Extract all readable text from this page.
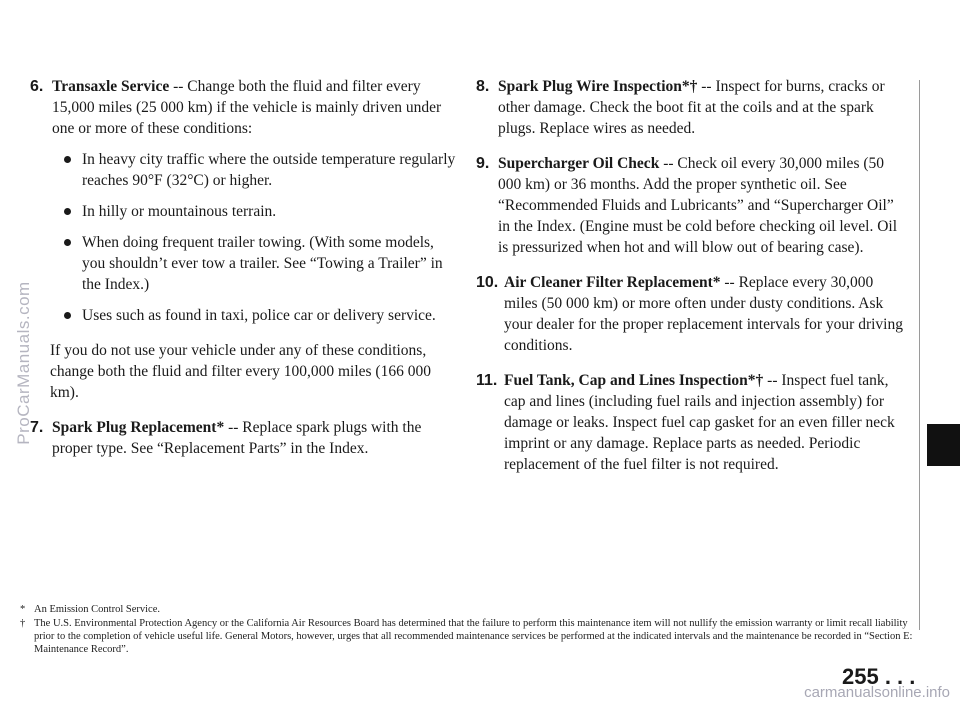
6. Transaxle Service -- Change both the fluid and filter every 15,000 miles (25 000 km) if the vehicle is mainly driven under one or more of these conditions:
In heavy city traffic where the outside temperature regularly reaches 90°F (32°C) or higher.
In hilly or mountainous terrain.
When doing frequent trailer towing. (With some models, you shouldn’t ever tow a trailer. See “Towing a Trailer” in the Index.)
Uses such as found in taxi, police car or delivery service.

If you do not use your vehicle under any of these conditions, change both the fluid and filter every 100,000 miles (166 000 km).

7. Spark Plug Replacement* -- Replace spark plugs with the proper type. See “Replacement Parts” in the Index.
8. Spark Plug Wire Inspection*† -- Inspect for burns, cracks or other damage. Check the boot fit at the coils and at the spark plugs. Replace wires as needed.
9. Supercharger Oil Check -- Check oil every 30,000 miles (50 000 km) or 36 months. Add the proper synthetic oil. See “Recommended Fluids and Lubricants” and “Supercharger Oil” in the Index. (Engine must be cold before checking oil level. Oil is pressurized when hot and will blow out of bearing case).
10. Air Cleaner Filter Replacement* -- Replace every 30,000 miles (50 000 km) or more often under dusty conditions. Ask your dealer for the proper replacement intervals for your driving conditions.
11. Fuel Tank, Cap and Lines Inspection*† -- Inspect fuel tank, cap and lines (including fuel rails and injection assembly) for damage or leaks. Inspect fuel cap gasket for an even filler neck imprint or any damage. Replace parts as needed. Periodic replacement of the fuel filter is not required.
* An Emission Control Service.
† The U.S. Environmental Protection Agency or the California Air Resources Board has determined that the failure to perform this maintenance item will not nullify the emission warranty or limit recall liability prior to the completion of vehicle useful life. General Motors, however, urges that all recommended maintenance services be performed at the indicated intervals and the maintenance be recorded in “Section E: Maintenance Record”.
255 . . .
ProCarManuals.com
carmanualsonline.info
